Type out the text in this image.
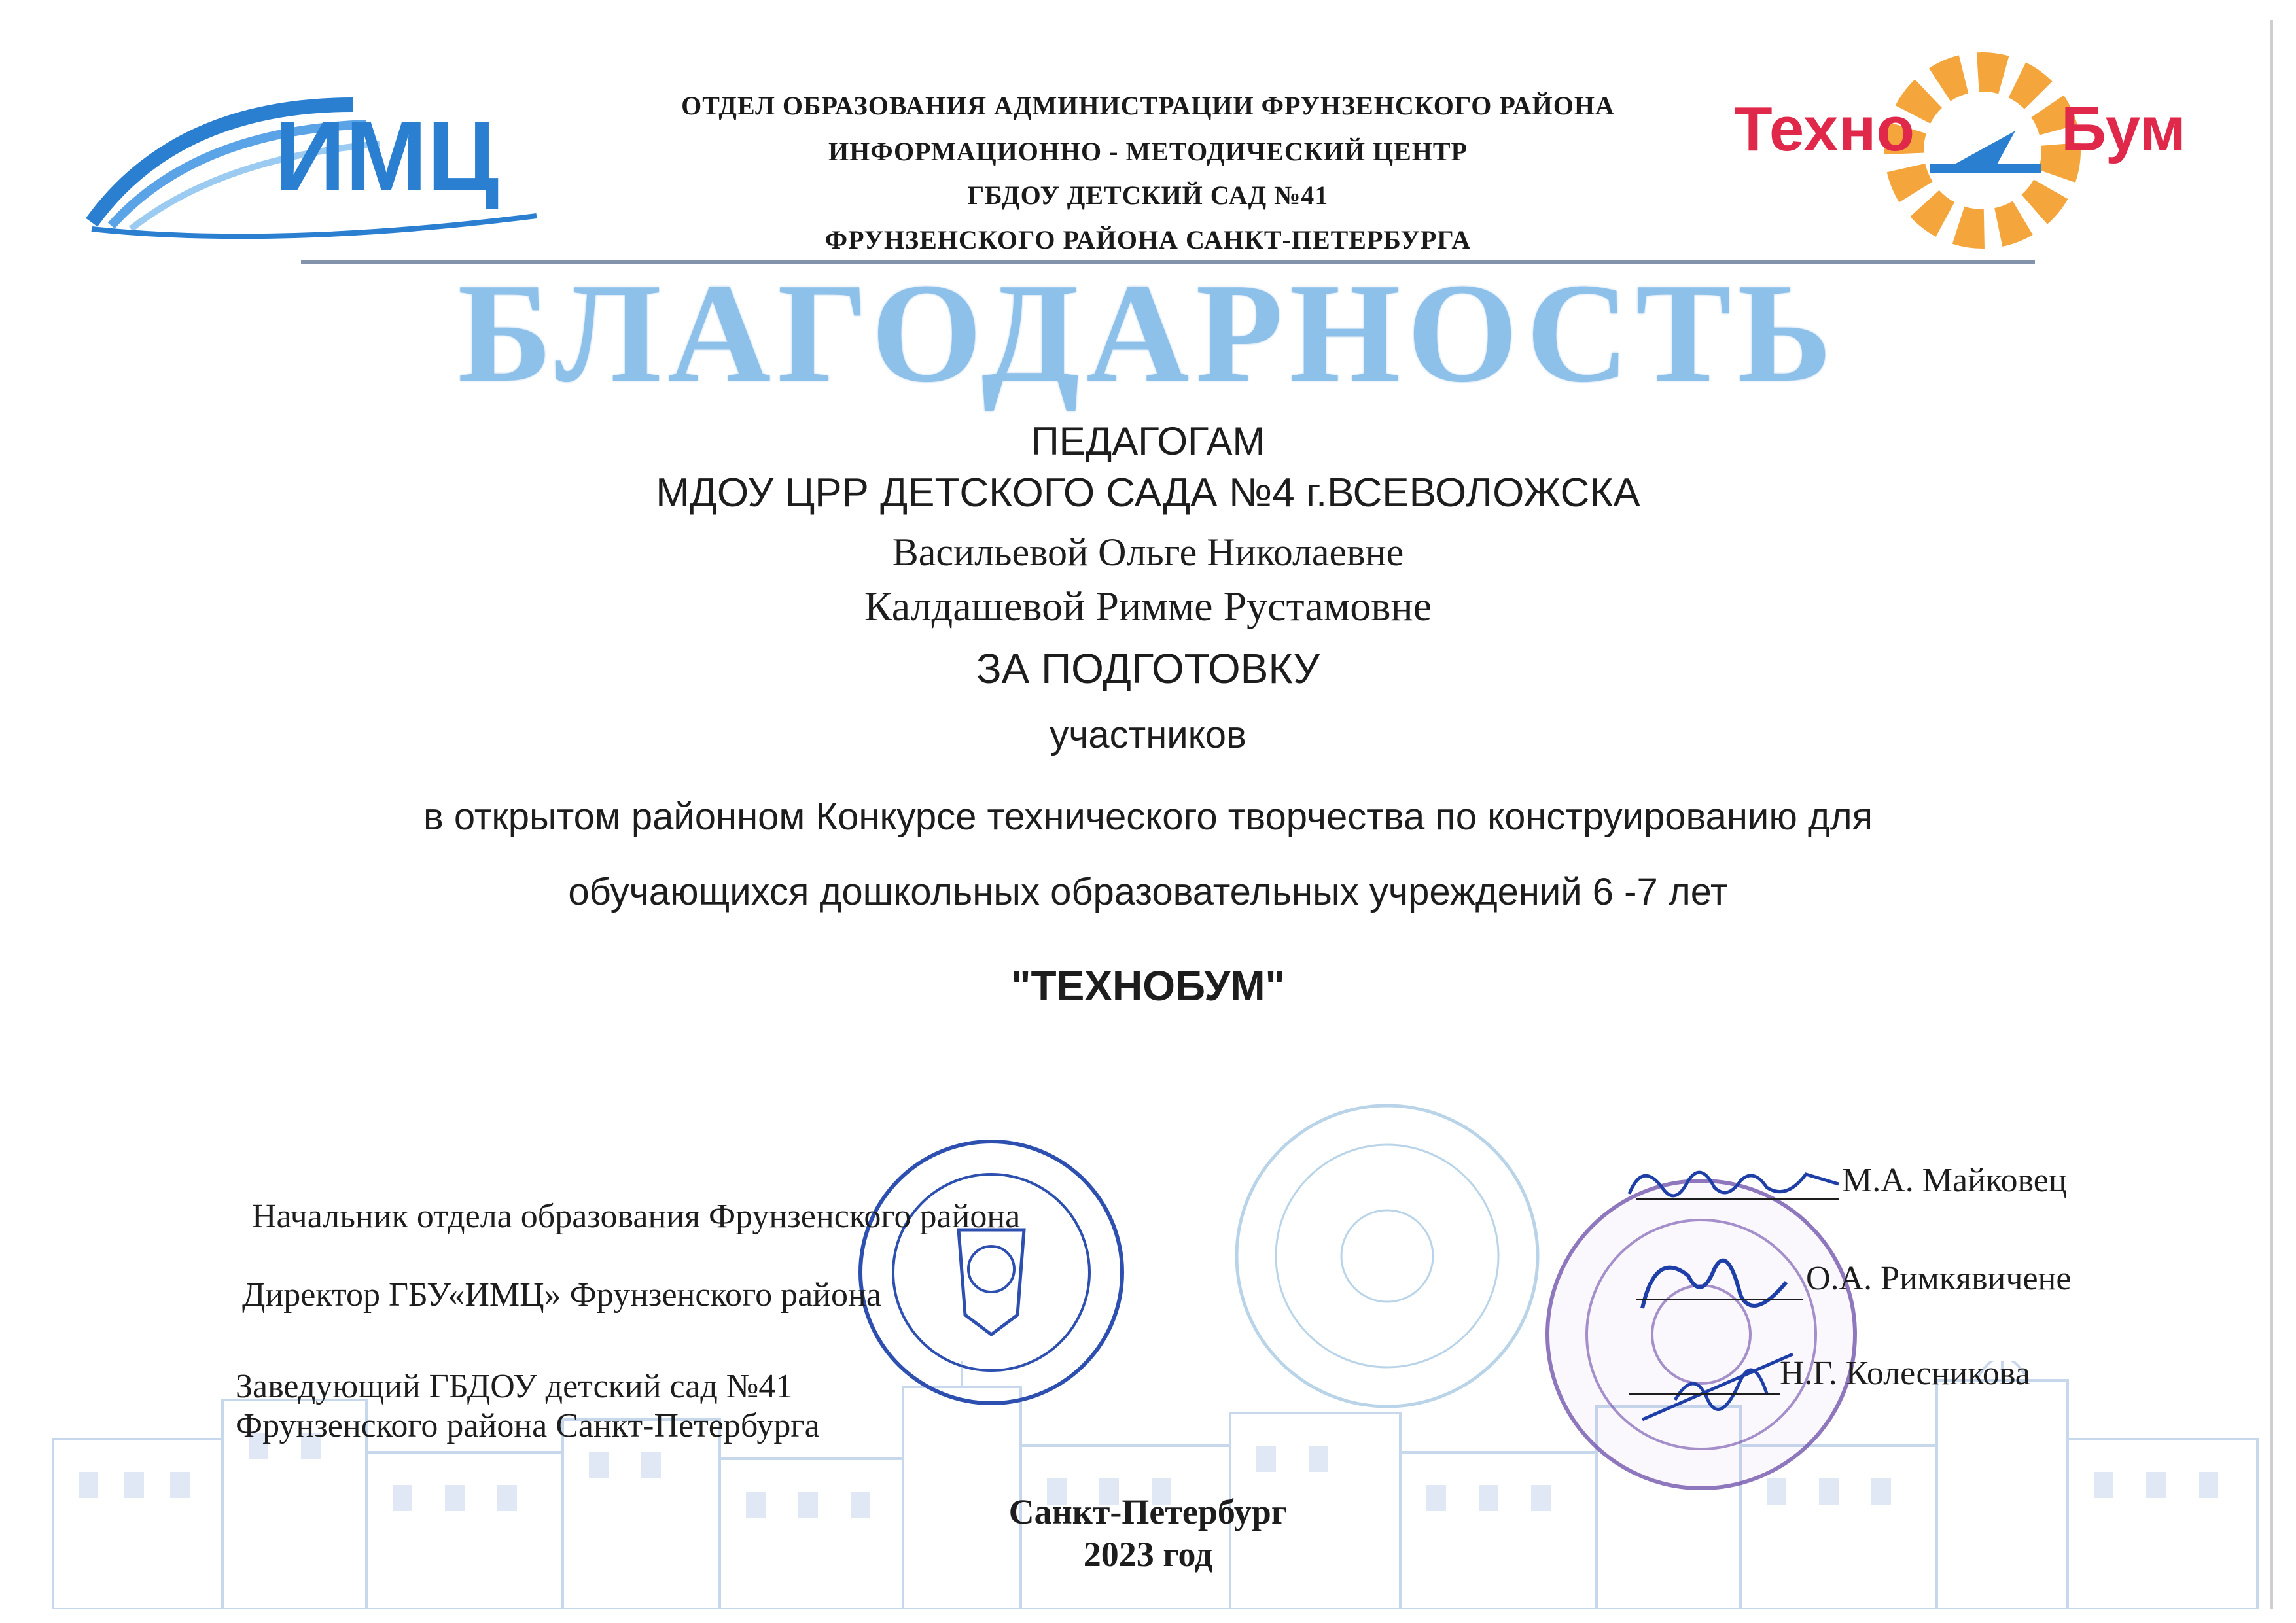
ИМЦ	Техно Бум
ОТДЕЛ ОБРАЗОВАНИЯ АДМИНИСТРАЦИИ ФРУНЗЕНСКОГО РАЙОНА
ИНФОРМАЦИОННО - МЕТОДИЧЕСКИЙ ЦЕНТР
ГБДОУ ДЕТСКИЙ САД №41
ФРУНЗЕНСКОГО РАЙОНА САНКТ-ПЕТЕРБУРГА
БЛАГОДАРНОСТЬ
ПЕДАГОГАМ
МДОУ ЦРР ДЕТСКОГО САДА №4 г.ВСЕВОЛОЖСКА
Васильевой Ольге Николаевне
Калдашевой Римме Рустамовне
ЗА ПОДГОТОВКУ
участников
в открытом районном Конкурсе технического творчества по конструированию для
обучающихся дошкольных образовательных учреждений 6 -7 лет
"ТЕХНОБУМ"
Начальник отдела образования Фрунзенского района
М.А. Майковец
Директор ГБУ«ИМЦ» Фрунзенского района	О.А. Римкявичене
Заведующий ГБДОУ детский сад №41
Фрунзенского района Санкт-Петербурга
Н.Г. Колесникова
Санкт-Петербург
2023 год
